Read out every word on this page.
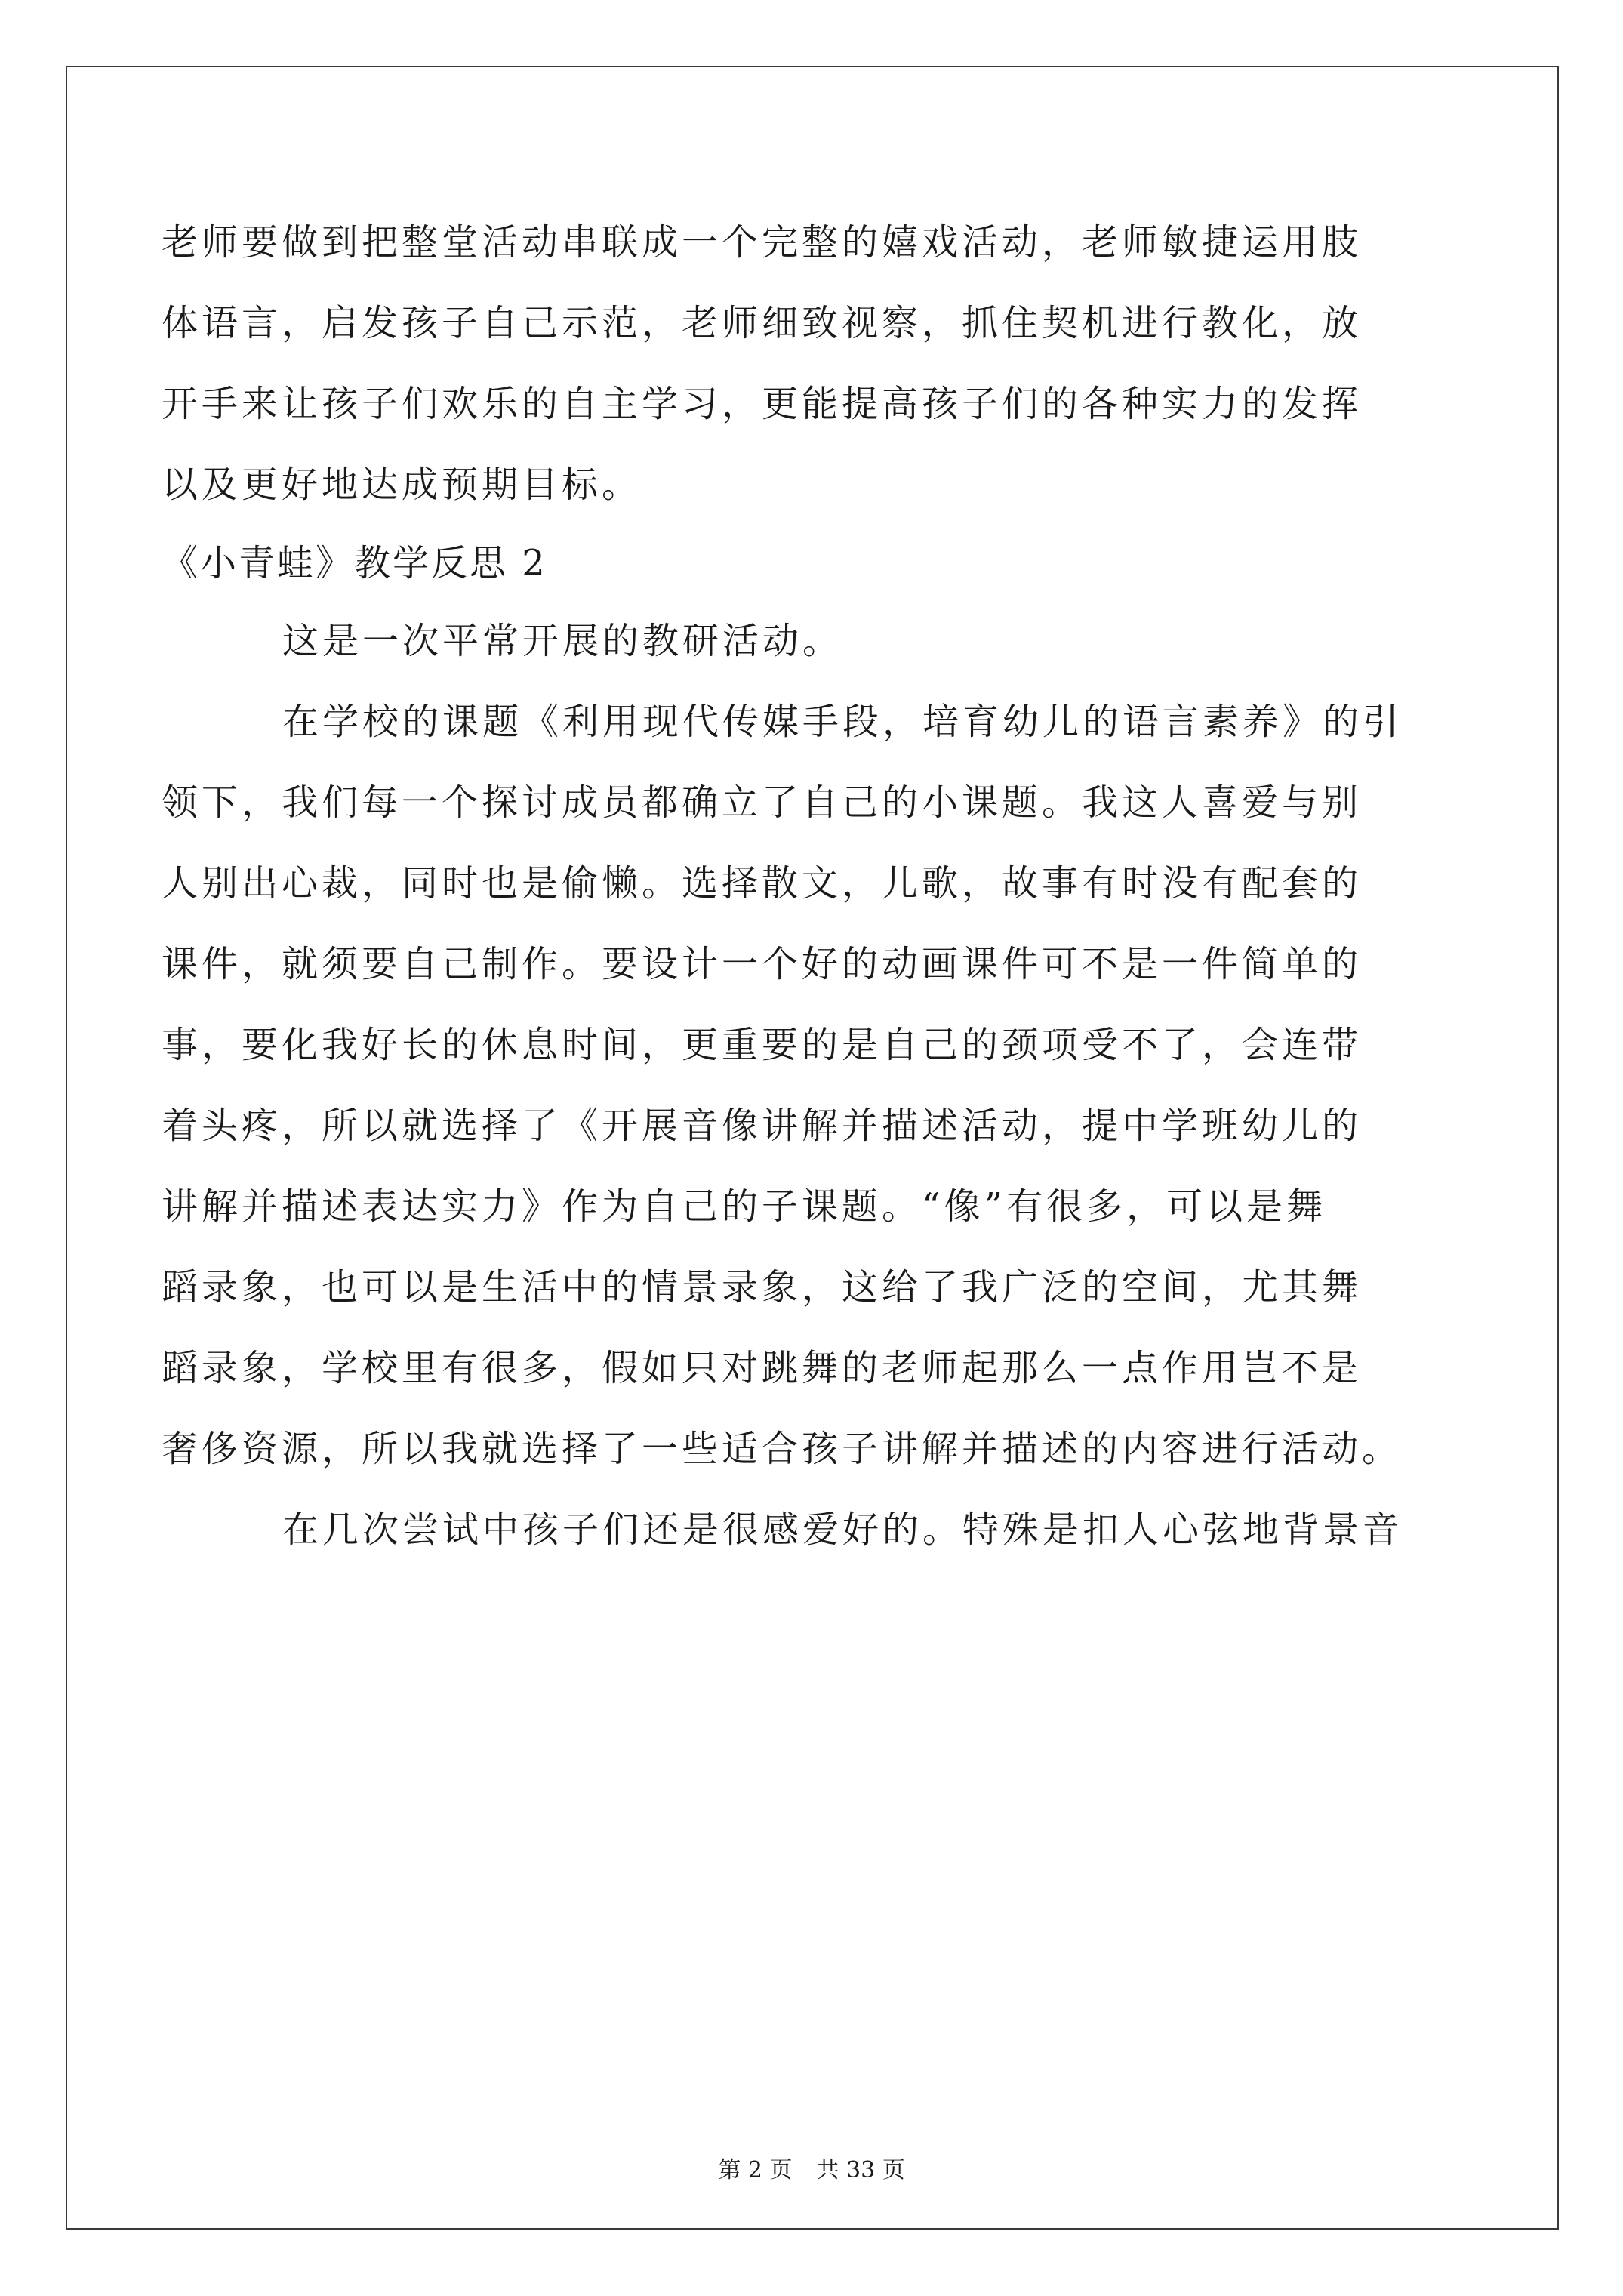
老师要做到把整堂活动串联成一个完整的嬉戏活动，老师敏捷运用肢
体语言，启发孩子自己示范，老师细致视察，抓住契机进行教化，放
开手来让孩子们欢乐的自主学习，更能提高孩子们的各种实力的发挥
以及更好地达成预期目标。
《小青蛙》教学反思 2
这是一次平常开展的教研活动。
在学校的课题《利用现代传媒手段，培育幼儿的语言素养》的引
领下，我们每一个探讨成员都确立了自己的小课题。我这人喜爱与别
人别出心裁，同时也是偷懒。选择散文，儿歌，故事有时没有配套的
课件，就须要自己制作。要设计一个好的动画课件可不是一件简单的
事，要化我好长的休息时间，更重要的是自己的颈项受不了，会连带
着头疼，所以就选择了《开展音像讲解并描述活动，提中学班幼儿的
讲解并描述表达实力》作为自己的子课题。“像”有很多，可以是舞
蹈录象，也可以是生活中的情景录象，这给了我广泛的空间，尤其舞
蹈录象，学校里有很多，假如只对跳舞的老师起那么一点作用岂不是
奢侈资源，所以我就选择了一些适合孩子讲解并描述的内容进行活动。
在几次尝试中孩子们还是很感爱好的。特殊是扣人心弦地背景音
第 2 页 共 33 页
